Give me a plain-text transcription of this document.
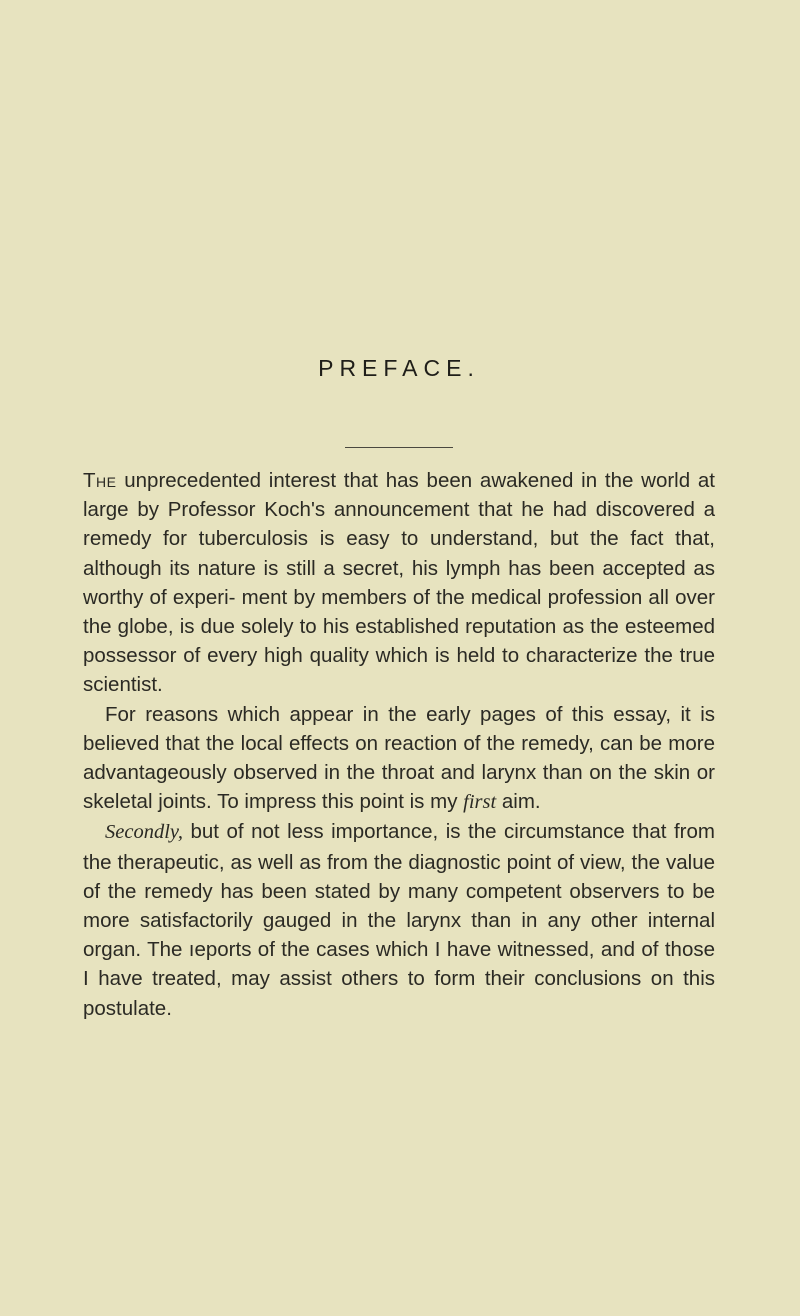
PREFACE.

The unprecedented interest that has been awakened in the world at large by Professor Koch's announcement that he had discovered a remedy for tuberculosis is easy to understand, but the fact that, although its nature is still a secret, his lymph has been accepted as worthy of experi- ment by members of the medical profession all over the globe, is due solely to his established reputation as the esteemed possessor of every high quality which is held to characterize the true scientist.

For reasons which appear in the early pages of this essay, it is believed that the local effects on reaction of the remedy, can be more advantageously observed in the throat and larynx than on the skin or skeletal joints. To impress this point is my first aim.

Secondly, but of not less importance, is the circumstance that from the therapeutic, as well as from the diagnostic point of view, the value of the remedy has been stated by many competent observers to be more satisfactorily gauged in the larynx than in any other internal organ. The ıeports of the cases which I have witnessed, and of those I have treated, may assist others to form their conclusions on this postulate.
